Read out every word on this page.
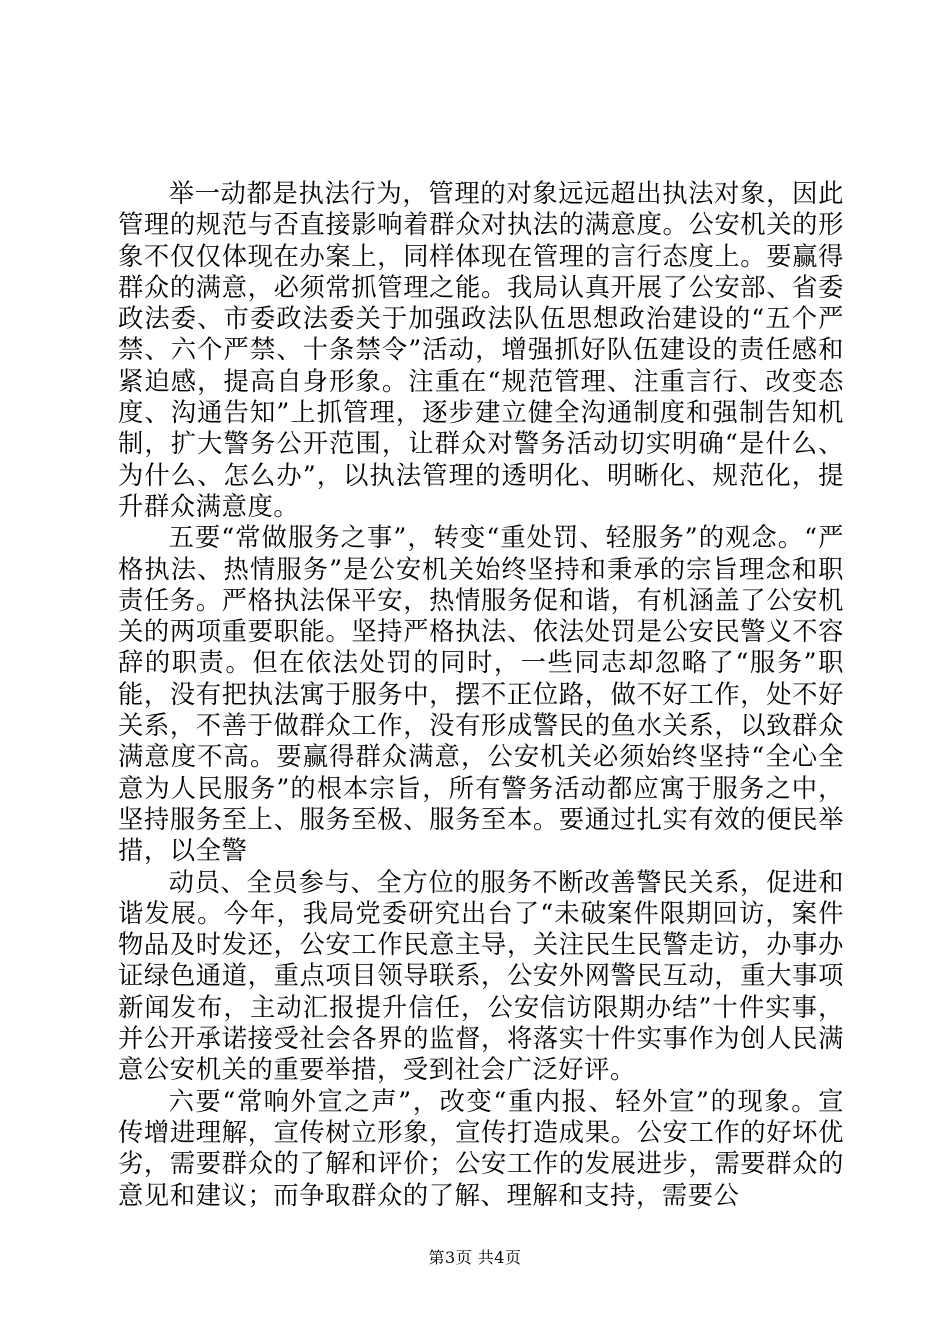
举一动都是执法行为，管理的对象远远超出执法对象，因此管理的规范与否直接影响着群众对执法的满意度。公安机关的形象不仅仅体现在办案上，同样体现在管理的言行态度上。要赢得群众的满意，必须常抓管理之能。我局认真开展了公安部、省委政法委、市委政法委关于加强政法队伍思想政治建设的“五个严禁、六个严禁、十条禁令”活动，增强抓好队伍建设的责任感和紧迫感，提高自身形象。注重在“规范管理、注重言行、改变态度、沟通告知”上抓管理，逐步建立健全沟通制度和强制告知机制，扩大警务公开范围，让群众对警务活动切实明确“是什么、为什么、怎么办”，以执法管理的透明化、明晰化、规范化，提升群众满意度。

五要“常做服务之事”，转变“重处罚、轻服务”的观念。“严格执法、热情服务”是公安机关始终坚持和秉承的宗旨理念和职责任务。严格执法保平安，热情服务促和谐，有机涵盖了公安机关的两项重要职能。坚持严格执法、依法处罚是公安民警义不容辞的职责。但在依法处罚的同时，一些同志却忽略了“服务”职能，没有把执法寓于服务中，摆不正位路，做不好工作，处不好关系，不善于做群众工作，没有形成警民的鱼水关系，以致群众满意度不高。要赢得群众满意，公安机关必须始终坚持“全心全意为人民服务”的根本宗旨，所有警务活动都应寓于服务之中，坚持服务至上、服务至极、服务至本。要通过扎实有效的便民举措，以全警

动员、全员参与、全方位的服务不断改善警民关系，促进和谐发展。今年，我局党委研究出台了“未破案件限期回访，案件物品及时发还，公安工作民意主导，关注民生民警走访，办事办证绿色通道，重点项目领导联系，公安外网警民互动，重大事项新闻发布，主动汇报提升信任，公安信访限期办结”十件实事，并公开承诺接受社会各界的监督，将落实十件实事作为创人民满意公安机关的重要举措，受到社会广泛好评。

六要“常响外宣之声”，改变“重内报、轻外宣”的现象。宣传增进理解，宣传树立形象，宣传打造成果。公安工作的好坏优劣，需要群众的了解和评价；公安工作的发展进步，需要群众的意见和建议；而争取群众的了解、理解和支持，需要公

第3页 共4页
